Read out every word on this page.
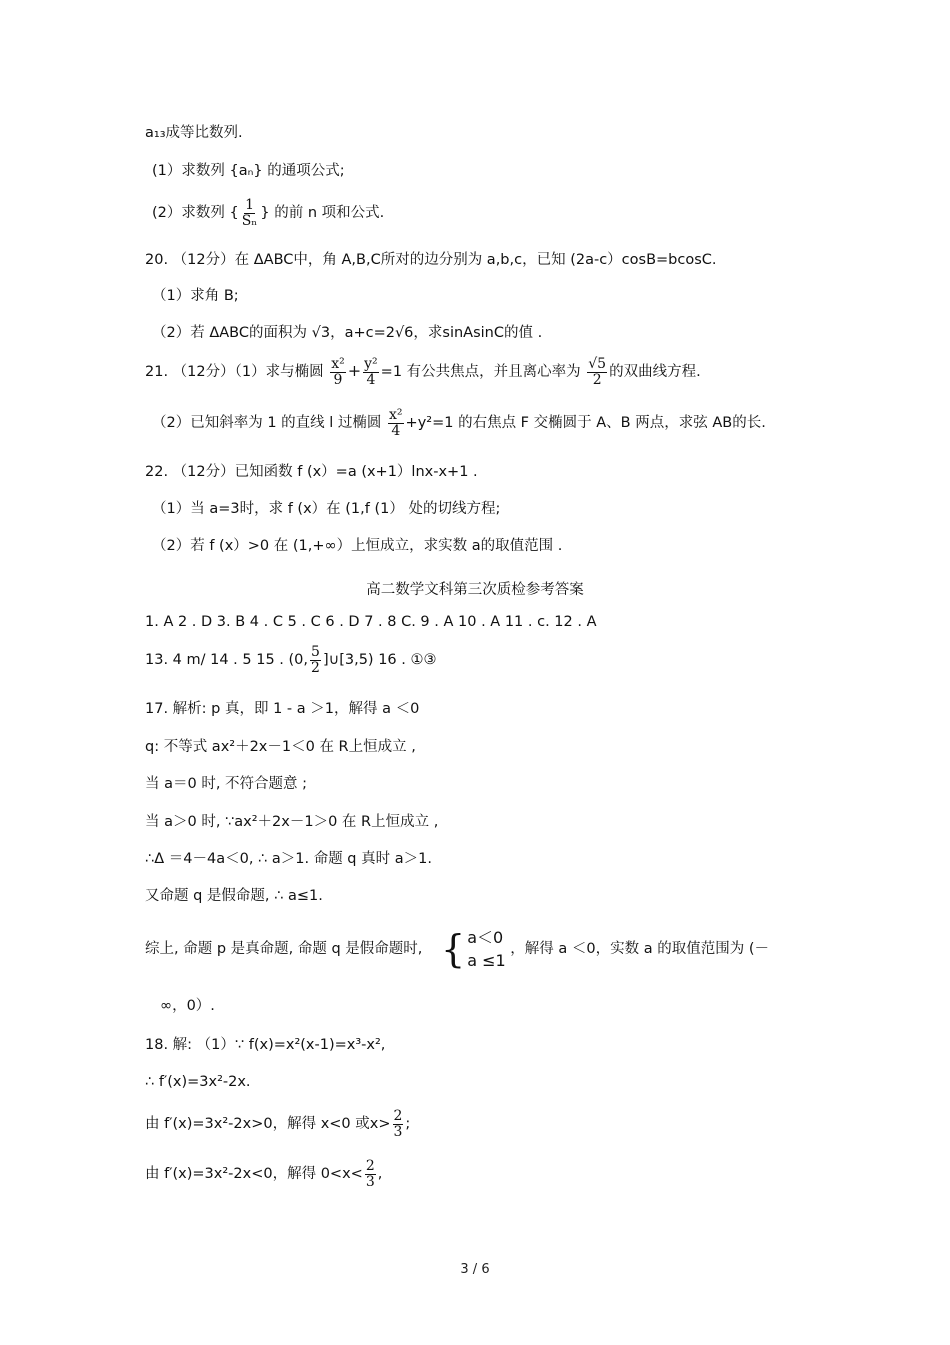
a₁₃成等比数列.
(1）求数列 {aₙ} 的通项公式;
(2）求数列 { $\frac{1}{\text{Sₙ}}$ } 的前 n 项和公式.
20. （12分）在 ΔABC中，角 A,B,C所对的边分别为 a,b,c，已知 (2a-c）cosB=bcosC.
（1）求角 B;
（2）若 ΔABC的面积为 √3，a+c=2√6，求sinAsinC的值 .
21. （12分）（1）求与椭圆 $\frac{\text{x²}}{9} + \frac{\text{y²}}{4} =1$ 有公共焦点，并且离心率为 $\frac{√5}{2}$ 的双曲线方程.
（2）已知斜率为 1 的直线 l 过椭圆 $\frac{\text{x²}}{4} +y^2=1$ 的右焦点 F 交椭圆于 A、B 两点，求弦 AB的长.
22. （12分）已知函数 f (x）=a (x+1）lnx-x+1 .
（1）当 a=3时，求 f (x）在 (1,f (1） 处的切线方程;
（2）若 f (x）>0 在 (1,+∞）上恒成立，求实数 a的取值范围 .
高二数学文科第三次质检参考答案
1. A 2 . D 3. B 4 . C 5 . C 6 . D 7 . 8 C. 9 . A 10 . A 11 . c. 12 . A
13. 4 m/ 14 . 5 15 . (0, $\frac{5}{2}$ ]∪[3,5) 16 . ①③
17. 解析: p 真，即 1 - a ＞1，解得 a ＜0
q: 不等式 ax²＋2x－1＜0 在 R上恒成立 ,
当 a＝0 时, 不符合题意 ;
当 a＞0 时, ∵ax²＋2x－1＞0 在 R上恒成立 ,
∴Δ ＝4－4a＜0, ∴ a＞1. 命题 q 真时 a＞1.
又命题 q 是假命题, ∴ a≤1.
综上, 命题 p 是真命题, 命题 q 是假命题时, { a＜0
a ≤1
，解得 a ＜0，实数 a 的取值范围为 (－
∞，0）.
18. 解: （1）∵ f(x)=x²(x-1)=x³-x²,
∴ f′(x)=3x²-2x.
由 f′(x)=3x²-2x>0，解得 x<0 或$x> \frac{2}{3}$ ;
由 f′(x)=3x²-2x<0，解得 $0<x< \frac{2}{3}$ ,
3 / 6
